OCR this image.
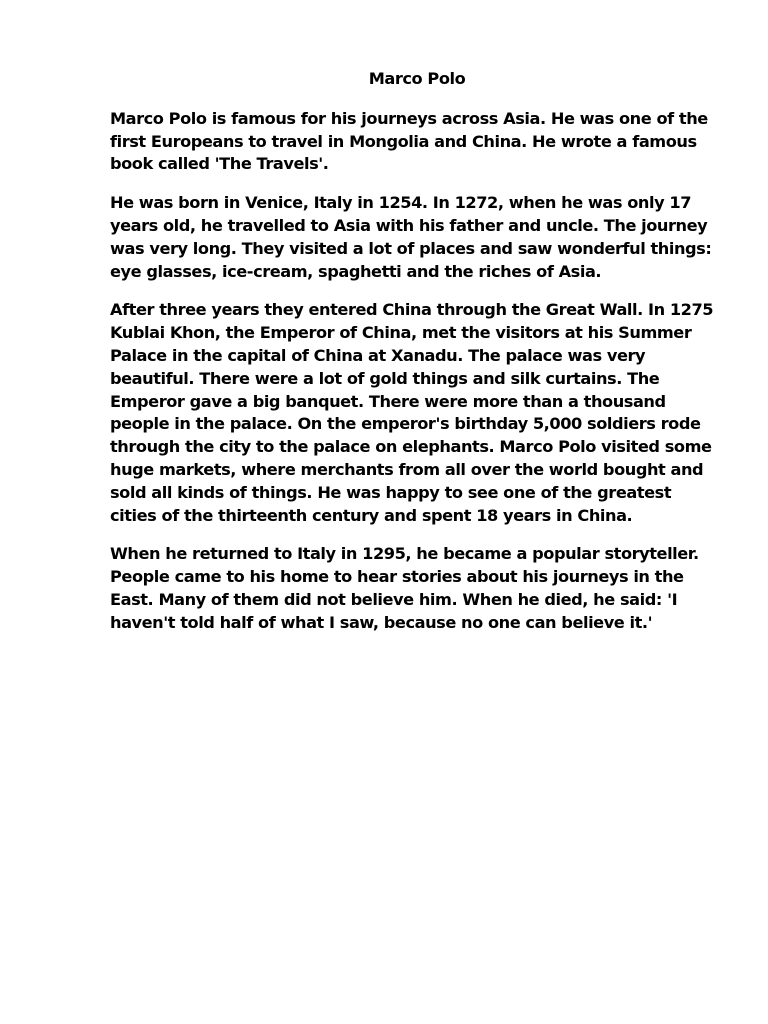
Marco Polo

Marco Polo is famous for his journeys across Asia. He was one of the first Europeans to travel in Mongolia and China. He wrote a famous book called 'The Travels'.

He was born in Venice, Italy in 1254. In 1272, when he was only 17 years old, he travelled to Asia with his father and uncle. The journey was very long. They visited a lot of places and saw wonderful things: eye glasses, ice-cream, spaghetti and the riches of Asia.

After three years they entered China through the Great Wall. In 1275 Kublai Khon, the Emperor of China, met the visitors at his Summer Palace in the capital of China at Xanadu. The palace was very beautiful. There were a lot of gold things and silk curtains. The Emperor gave a big banquet. There were more than a thousand people in the palace. On the emperor's birthday 5,000 soldiers rode through the city to the palace on elephants. Marco Polo visited some huge markets, where merchants from all over the world bought and sold all kinds of things. He was happy to see one of the greatest cities of the thirteenth century and spent 18 years in China.

When he returned to Italy in 1295, he became a popular storyteller. People came to his home to hear stories about his journeys in the East. Many of them did not believe him. When he died, he said: 'I haven't told half of what I saw, because no one can believe it.'
